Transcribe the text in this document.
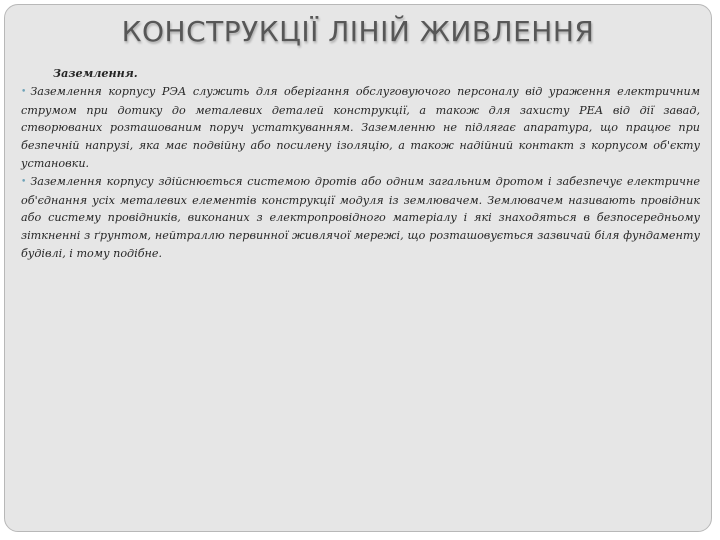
КОНСТРУКЦІЇ ЛІНІЙ ЖИВЛЕННЯ
Заземлення.

• Заземлення корпусу РЭА служить для оберігання обслуговуючого персоналу від ураження електричним струмом при дотику до металевих деталей конструкції, а також для захисту РЕА від дії завад, створюваних розташованим поруч устаткуванням. Заземленню не підлягає апаратура, що працює при безпечній напрузі, яка має подвійну або посилену ізоляцію, а також надійний контакт з корпусом об'єкту установки.

• Заземлення корпусу здійснюється системою дротів або одним загальним дротом і забезпечує електричне об'єднання усіх металевих елементів конструкції модуля із землювачем. Землювачем називають провідник або систему провідників, виконаних з електропровідного матеріалу і які знаходяться в безпосередньому зіткненні з ґрунтом, нейтраллю первинної живлячої мережі, що розташовується зазвичай біля фундаменту будівлі, і тому подібне.
